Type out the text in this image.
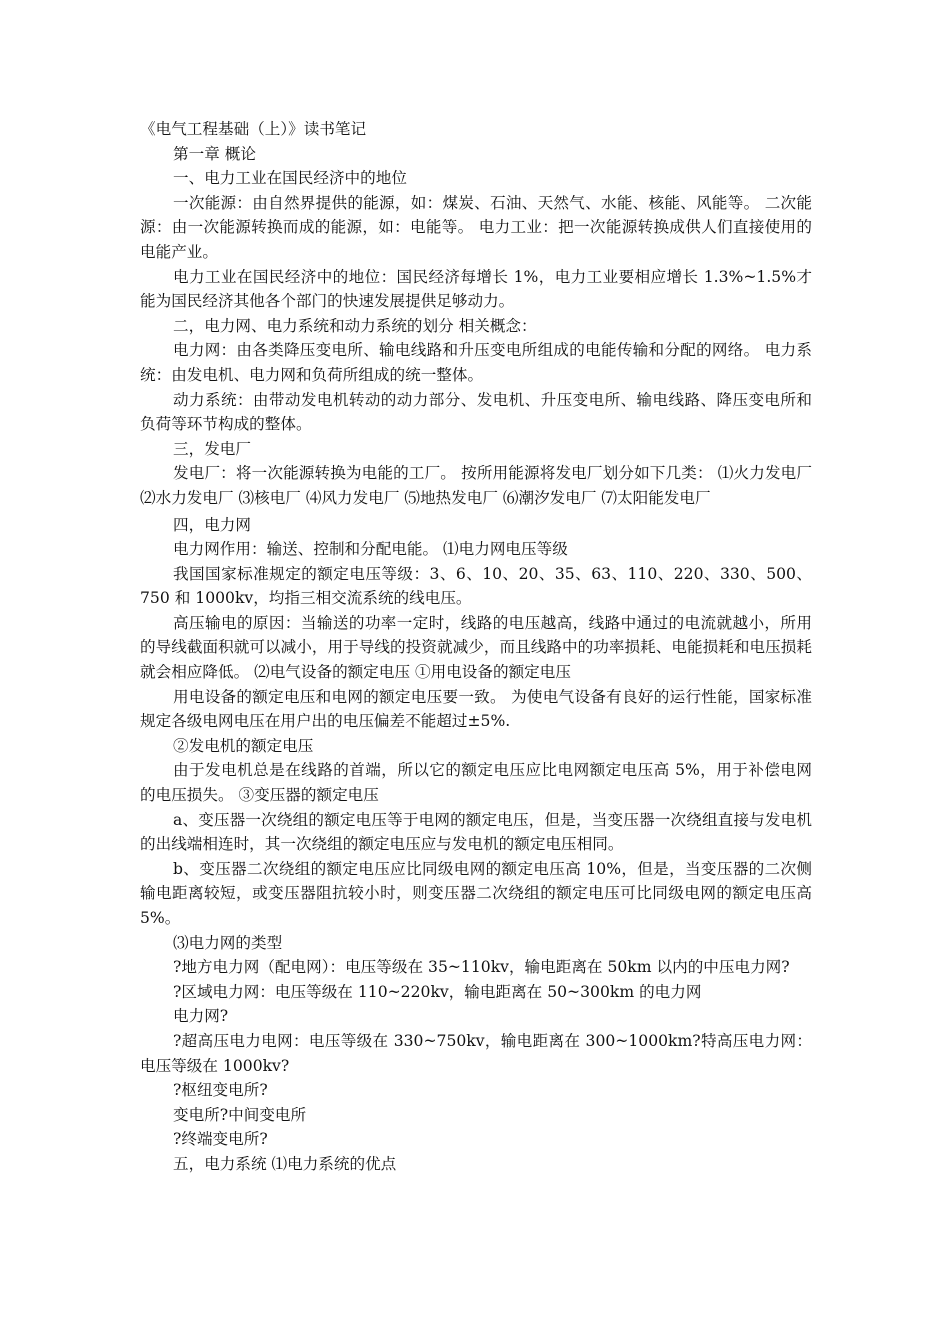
《电气工程基础（上）》读书笔记

第一章 概论

一、电力工业在国民经济中的地位

一次能源：由自然界提供的能源，如：煤炭、石油、天然气、水能、核能、风能等。 二次能源：由一次能源转换而成的能源，如：电能等。 电力工业：把一次能源转换成供人们直接使用的电能产业。

电力工业在国民经济中的地位：国民经济每增长 1%，电力工业要相应增长 1.3%~1.5%才能为国民经济其他各个部门的快速发展提供足够动力。

二，电力网、电力系统和动力系统的划分 相关概念：

电力网：由各类降压变电所、输电线路和升压变电所组成的电能传输和分配的网络。 电力系统：由发电机、电力网和负荷所组成的统一整体。

动力系统：由带动发电机转动的动力部分、发电机、升压变电所、输电线路、降压变电所和负荷等环节构成的整体。

三，发电厂

发电厂：将一次能源转换为电能的工厂。 按所用能源将发电厂划分如下几类： ⑴火力发电厂 ⑵水力发电厂 ⑶核电厂 ⑷风力发电厂 ⑸地热发电厂 ⑹潮汐发电厂 ⑺太阳能发电厂

四，电力网

电力网作用：输送、控制和分配电能。 ⑴电力网电压等级

我国国家标准规定的额定电压等级：3、6、10、20、35、63、110、220、330、500、750 和 1000kv，均指三相交流系统的线电压。

高压输电的原因：当输送的功率一定时，线路的电压越高，线路中通过的电流就越小，所用的导线截面积就可以减小，用于导线的投资就减少，而且线路中的功率损耗、电能损耗和电压损耗就会相应降低。 ⑵电气设备的额定电压 ①用电设备的额定电压

用电设备的额定电压和电网的额定电压要一致。 为使电气设备有良好的运行性能，国家标准规定各级电网电压在用户出的电压偏差不能超过±5%.

②发电机的额定电压

由于发电机总是在线路的首端，所以它的额定电压应比电网额定电压高 5%，用于补偿电网 的电压损失。 ③变压器的额定电压

a、变压器一次绕组的额定电压等于电网的额定电压，但是，当变压器一次绕组直接与发电机的出线端相连时，其一次绕组的额定电压应与发电机的额定电压相同。

b、变压器二次绕组的额定电压应比同级电网的额定电压高 10%，但是，当变压器的二次侧输电距离较短，或变压器阻抗较小时，则变压器二次绕组的额定电压可比同级电网的额定电压高 5%。

⑶电力网的类型

?地方电力网（配电网）：电压等级在 35~110kv，输电距离在 50km 以内的中压电力网?

?区域电力网：电压等级在 110~220kv，输电距离在 50~300km 的电力网

电力网?

?超高压电力电网：电压等级在 330~750kv，输电距离在 300~1000km?特高压电力网：电压等级在 1000kv?

?枢纽变电所?

变电所?中间变电所

?终端变电所?

五，电力系统 ⑴电力系统的优点
